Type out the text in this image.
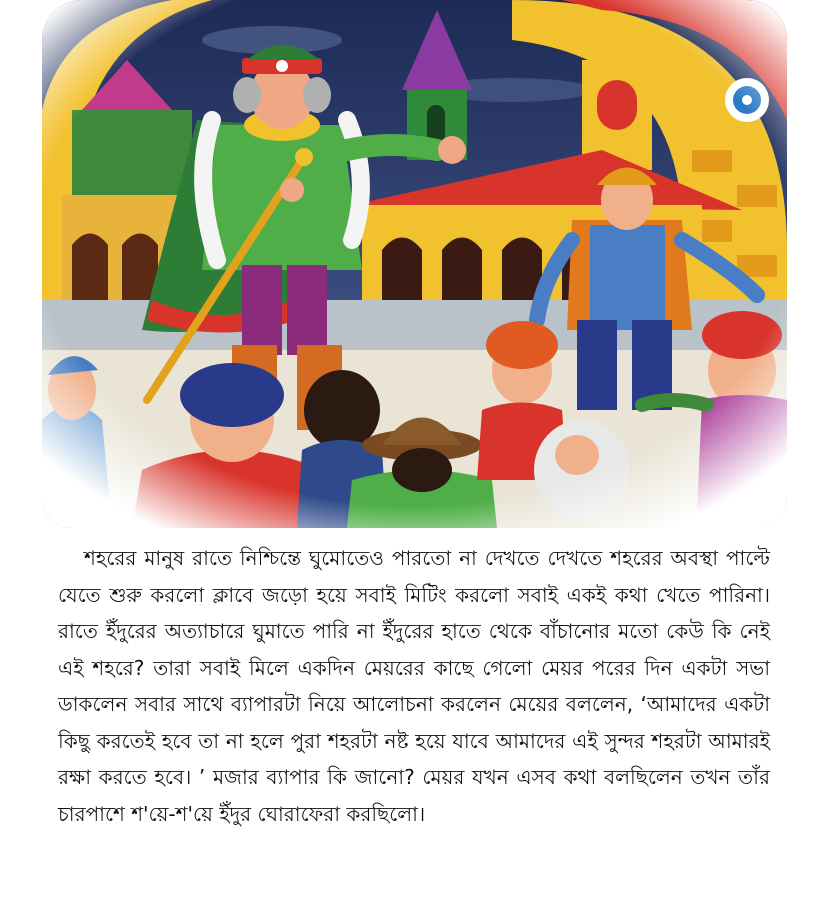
শহরের মানুষ রাতে নিশ্চিন্তে ঘুমোতেও পারতো না দেখতে দেখতে শহরের অবস্থা পাল্টে যেতে শুরু করলো ক্লাবে জড়ো হয়ে সবাই মিটিং করলো সবাই একই কথা খেতে পারিনা। রাতে ইঁদুরের অত্যাচারে ঘুমাতে পারি না ইঁদুরের হাতে থেকে বাঁচানোর মতো কেউ কি নেই এই শহরে? তারা সবাই মিলে একদিন মেয়রের কাছে গেলো মেয়র পরের দিন একটা সভা ডাকলেন সবার সাথে ব্যাপারটা নিয়ে আলোচনা করলেন মেয়ের বললেন, ‘আমাদের একটা কিছু করতেই হবে তা না হলে পুরা শহরটা নষ্ট হয়ে যাবে আমাদের এই সুন্দর শহরটা আমারই রক্ষা করতে হবে। ’ মজার ব্যাপার কি জানো? মেয়র যখন এসব কথা বলছিলেন তখন তাঁর চারপাশে শ'য়ে-শ'য়ে ইঁদুর ঘোরাফেরা করছিলো।
